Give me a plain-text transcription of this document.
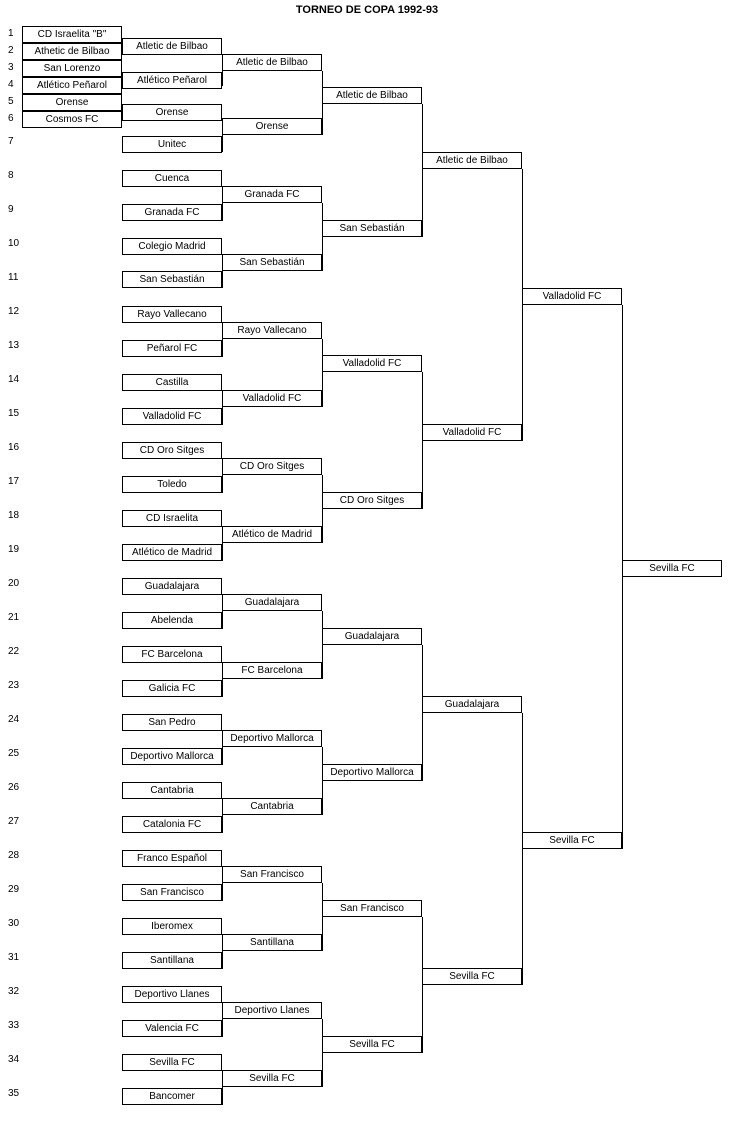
TORNEO DE COPA 1992-93
1
2
3
4
5
6
7
8
9
10
11
12
13
14
15
16
17
18
19
20
21
22
23
24
25
26
27
28
29
30
31
32
33
34
35
CD Israelita "B"
Athetic de Bilbao
San Lorenzo
Atlético Peñarol
Orense
Cosmos FC
Atletic de Bilbao
Atlético Peñarol
Orense
Unitec
Cuenca
Granada FC
Colegio Madrid
San Sebastián
Rayo Vallecano
Peñarol FC
Castilla
Valladolid FC
CD Oro Sitges
Toledo
CD Israelita
Atlético de Madrid
Guadalajara
Abelenda
FC Barcelona
Galicia FC
San Pedro
Deportivo Mallorca
Cantabria
Catalonia FC
Franco Español
San Francisco
Iberomex
Santillana
Deportivo Llanes
Valencia FC
Sevilla FC
Bancomer
Atletic de Bilbao
Orense
Granada FC
San Sebastián
Rayo Vallecano
Valladolid FC
CD Oro Sitges
Atlético de Madrid
Guadalajara
FC Barcelona
Deportivo Mallorca
Cantabria
San Francisco
Santillana
Deportivo Llanes
Sevilla FC
Atletic de Bilbao
San Sebastián
Valladolid FC
CD Oro Sitges
Guadalajara
Deportivo Mallorca
San Francisco
Sevilla FC
Atletic de Bilbao
Valladolid FC
Guadalajara
Sevilla FC
Valladolid FC
Sevilla FC
Sevilla FC
